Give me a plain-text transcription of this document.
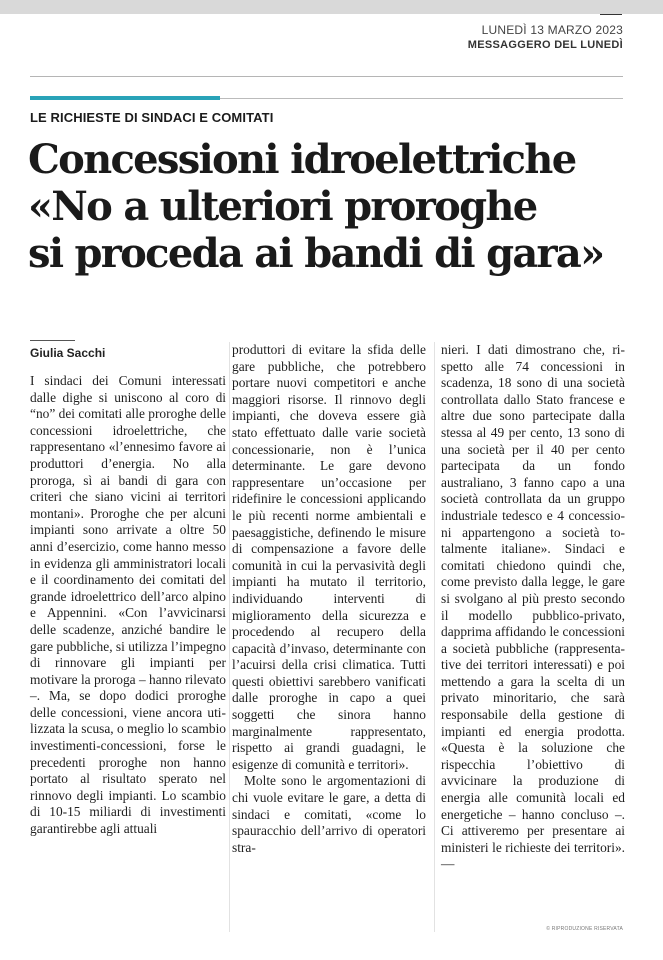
LUNEDÌ 13 MARZO 2023
MESSAGGERO DEL LUNEDÌ
LE RICHIESTE DI SINDACI E COMITATI
Concessioni idroelettriche
«No a ulteriori proroghe
si proceda ai bandi di gara»
Giulia Sacchi

I sindaci dei Comuni interessati dalle dighe si uniscono al coro di “no” dei comitati alle proroghe delle concessioni idroelettriche, che rappresentano «l’ennesimo favore ai produttori d’energia. No alla proroga, sì ai bandi di gara con criteri che siano vicini ai territori montani». Proroghe che per alcuni impianti sono arrivate a oltre 50 anni d’esercizio, come hanno messo in evidenza gli amministratori locali e il coordinamento dei comitati del grande idroelettrico dell’arco alpino e Appennini. «Con l’avvicinarsi delle scadenze, anziché bandire le gare pubbliche, si utilizza l’impegno di rinnovare gli impianti per motivare la proroga – hanno rilevato –. Ma, se dopo dodici proroghe delle concessioni, viene ancora utilizzata la scusa, o meglio lo scambio investimenti-concessioni, forse le precedenti proroghe non hanno portato al risultato sperato nel rinnovo degli impianti. Lo scambio di 10-15 miliardi di investimenti garantirebbe agli attuali

produttori di evitare la sfida delle gare pubbliche, che potrebbero portare nuovi competitori e anche maggiori risorse. Il rinnovo degli impianti, che doveva essere già stato effettuato dalle varie società concessionarie, non è l’unica determinante. Le gare devono rappresentare un’occasione per ridefinire le concessioni applicando le più recenti norme ambientali e paesaggistiche, definendo le misure di compensazione a favore delle comunità in cui la pervasività degli impianti ha mutato il territorio, individuando interventi di miglioramento della sicurezza e procedendo al recupero della capacità d’invaso, determinante con l’acuirsi della crisi climatica. Tutti questi obiettivi sarebbero vanificati dalle proroghe in capo a quei soggetti che sinora hanno marginalmente rappresentato, rispetto ai grandi guadagni, le esigenze di comunità e territori».

Molte sono le argomentazioni di chi vuole evitare le gare, a detta di sindaci e comitati, «come lo spauracchio dell’arrivo di operatori stra-

nieri. I dati dimostrano che, rispetto alle 74 concessioni in scadenza, 18 sono di una società controllata dallo Stato francese e altre due sono partecipate dalla stessa al 49 per cento, 13 sono di una società per il 40 per cento partecipata da un fondo australiano, 3 fanno capo a una società controllata da un gruppo industriale tedesco e 4 concessioni appartengono a società totalmente italiane». Sindaci e comitati chiedono quindi che, come previsto dalla legge, le gare si svolgano al più presto secondo il modello pubblico-privato, dapprima affidando le concessioni a società pubbliche (rappresentative dei territori interessati) e poi mettendo a gara la scelta di un privato minoritario, che sarà responsabile della gestione di impianti ed energia prodotta. «Questa è la soluzione che rispecchia l’obiettivo di avvicinare la produzione di energia alle comunità locali ed energetiche – hanno concluso –. Ci attiveremo per presentare ai ministeri le richieste dei territori». —

© RIPRODUZIONE RISERVATA
